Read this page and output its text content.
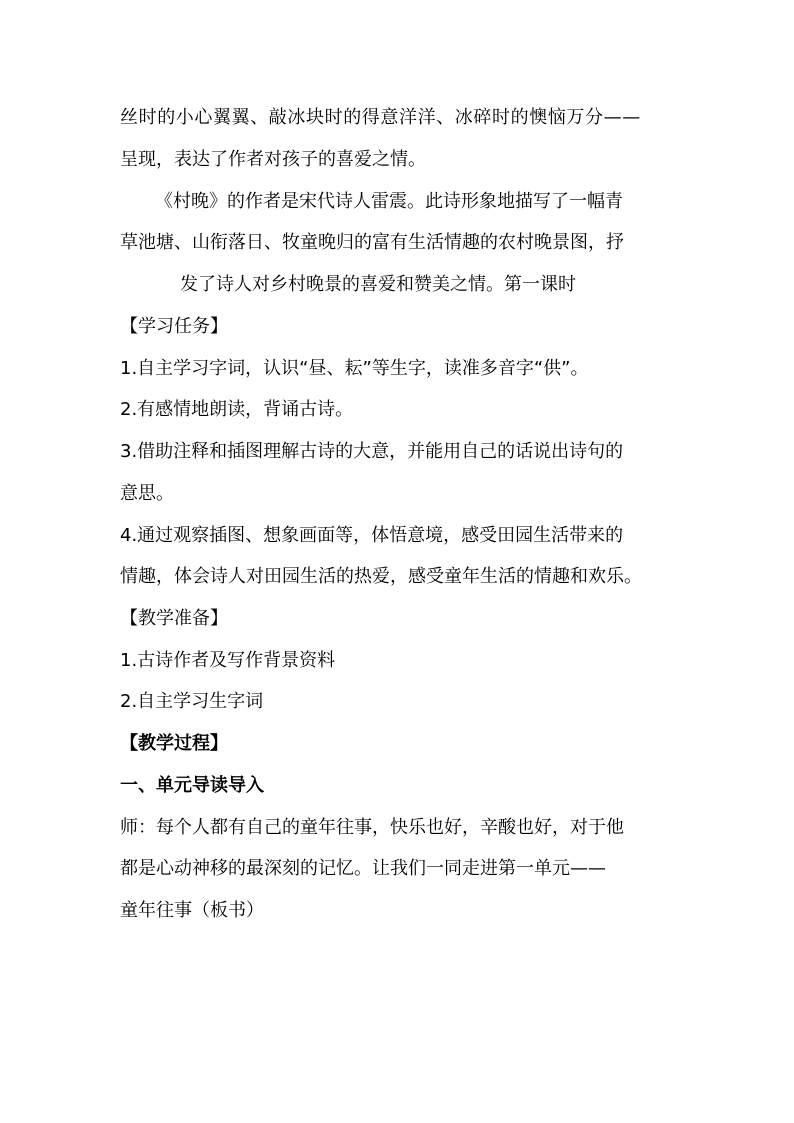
丝时的小心翼翼、敲冰块时的得意洋洋、冰碎时的懊恼万分——
呈现，表达了作者对孩子的喜爱之情。
《村晚》的作者是宋代诗人雷震。此诗形象地描写了一幅青
草池塘、山衔落日、牧童晚归的富有生活情趣的农村晚景图，抒
发了诗人对乡村晚景的喜爱和赞美之情。第一课时
【学习任务】
1.自主学习字词，认识“昼、耘”等生字，读准多音字“供”。
2.有感情地朗读，背诵古诗。
3.借助注释和插图理解古诗的大意，并能用自己的话说出诗句的
意思。
4.通过观察插图、想象画面等，体悟意境，感受田园生活带来的
情趣，体会诗人对田园生活的热爱，感受童年生活的情趣和欢乐。
【教学准备】
1.古诗作者及写作背景资料
2.自主学习生字词
【教学过程】
一、单元导读导入
师：每个人都有自己的童年往事，快乐也好，辛酸也好，对于他
都是心动神移的最深刻的记忆。让我们一同走进第一单元——
童年往事（板书）
